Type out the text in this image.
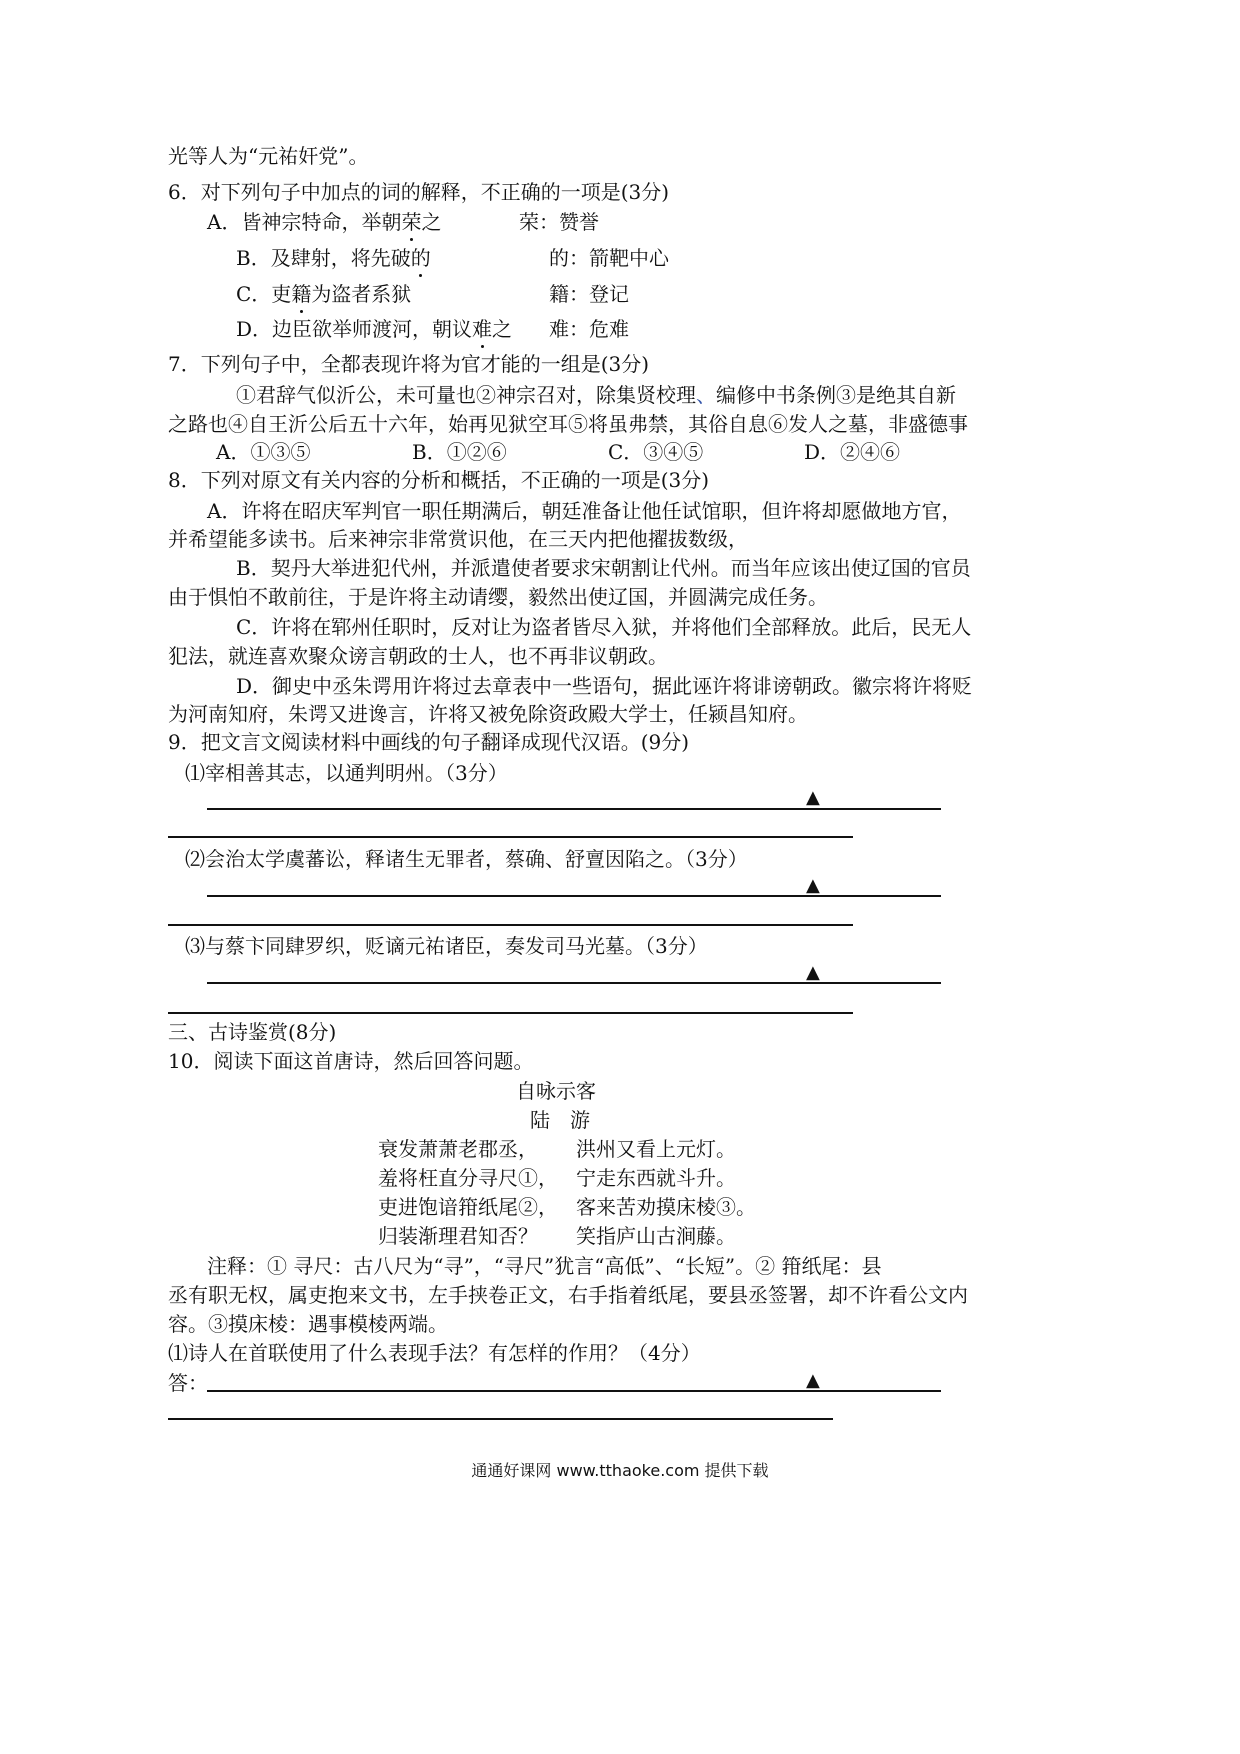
光等人为“元祐奸党”。
6．对下列句子中加点的词的解释，不正确的一项是(3分)
A．皆神宗特命，举朝荣之	荣：赞誉
B．及肆射，将先破的	的：箭靶中心
C．吏籍为盗者系狱	籍：登记
D．边臣欲举师渡河，朝议难之 难：危难
7．下列句子中，全都表现许将为官才能的一组是(3分)
①君辞气似沂公，未可量也②神宗召对，除集贤校理、编修中书条例③是绝其自新
之路也④自王沂公后五十六年，始再见狱空耳⑤将虽弗禁，其俗自息⑥发人之墓，非盛德事
A．①③⑤	B．①②⑥	C．③④⑤	D．②④⑥
8．下列对原文有关内容的分析和概括，不正确的一项是(3分)
A．许将在昭庆军判官一职任期满后，朝廷准备让他任试馆职，但许将却愿做地方官，
并希望能多读书。后来神宗非常赏识他，在三天内把他擢拔数级，
B．契丹大举进犯代州，并派遣使者要求宋朝割让代州。而当年应该出使辽国的官员
由于惧怕不敢前往，于是许将主动请缨，毅然出使辽国，并圆满完成任务。
C．许将在郓州任职时，反对让为盗者皆尽入狱，并将他们全部释放。此后，民无人
犯法，就连喜欢聚众谤言朝政的士人，也不再非议朝政。
D．御史中丞朱谔用许将过去章表中一些语句，据此诬许将诽谤朝政。徽宗将许将贬
为河南知府，朱谔又进谗言，许将又被免除资政殿大学士，任颍昌知府。
9．把文言文阅读材料中画线的句子翻译成现代汉语。(9分)
⑴宰相善其志，以通判明州。（3分）
▲
⑵会治太学虞蕃讼，释诸生无罪者，蔡确、舒亶因陷之。（3分）
▲
⑶与蔡卞同肆罗织，贬谪元祐诸臣，奏发司马光墓。（3分）
▲
三、古诗鉴赏(8分)
10．阅读下面这首唐诗，然后回答问题。
自咏示客
陆　游
衰发萧萧老郡丞， 洪州又看上元灯。
羞将枉直分寻尺①， 宁走东西就斗升。
吏进饱谙箝纸尾②， 客来苦劝摸床棱③。
归装渐理君知否？ 笑指庐山古涧藤。
注释：① 寻尺：古八尺为“寻”，“寻尺”犹言“高低”、“长短”。② 箝纸尾：县
丞有职无权，属吏抱来文书，左手挟卷正文，右手指着纸尾，要县丞签署，却不许看公文内
容。③摸床棱：遇事模棱两端。
⑴诗人在首联使用了什么表现手法？有怎样的作用？（4分）
答：	▲
通通好课网 www.tthaoke.com 提供下载
